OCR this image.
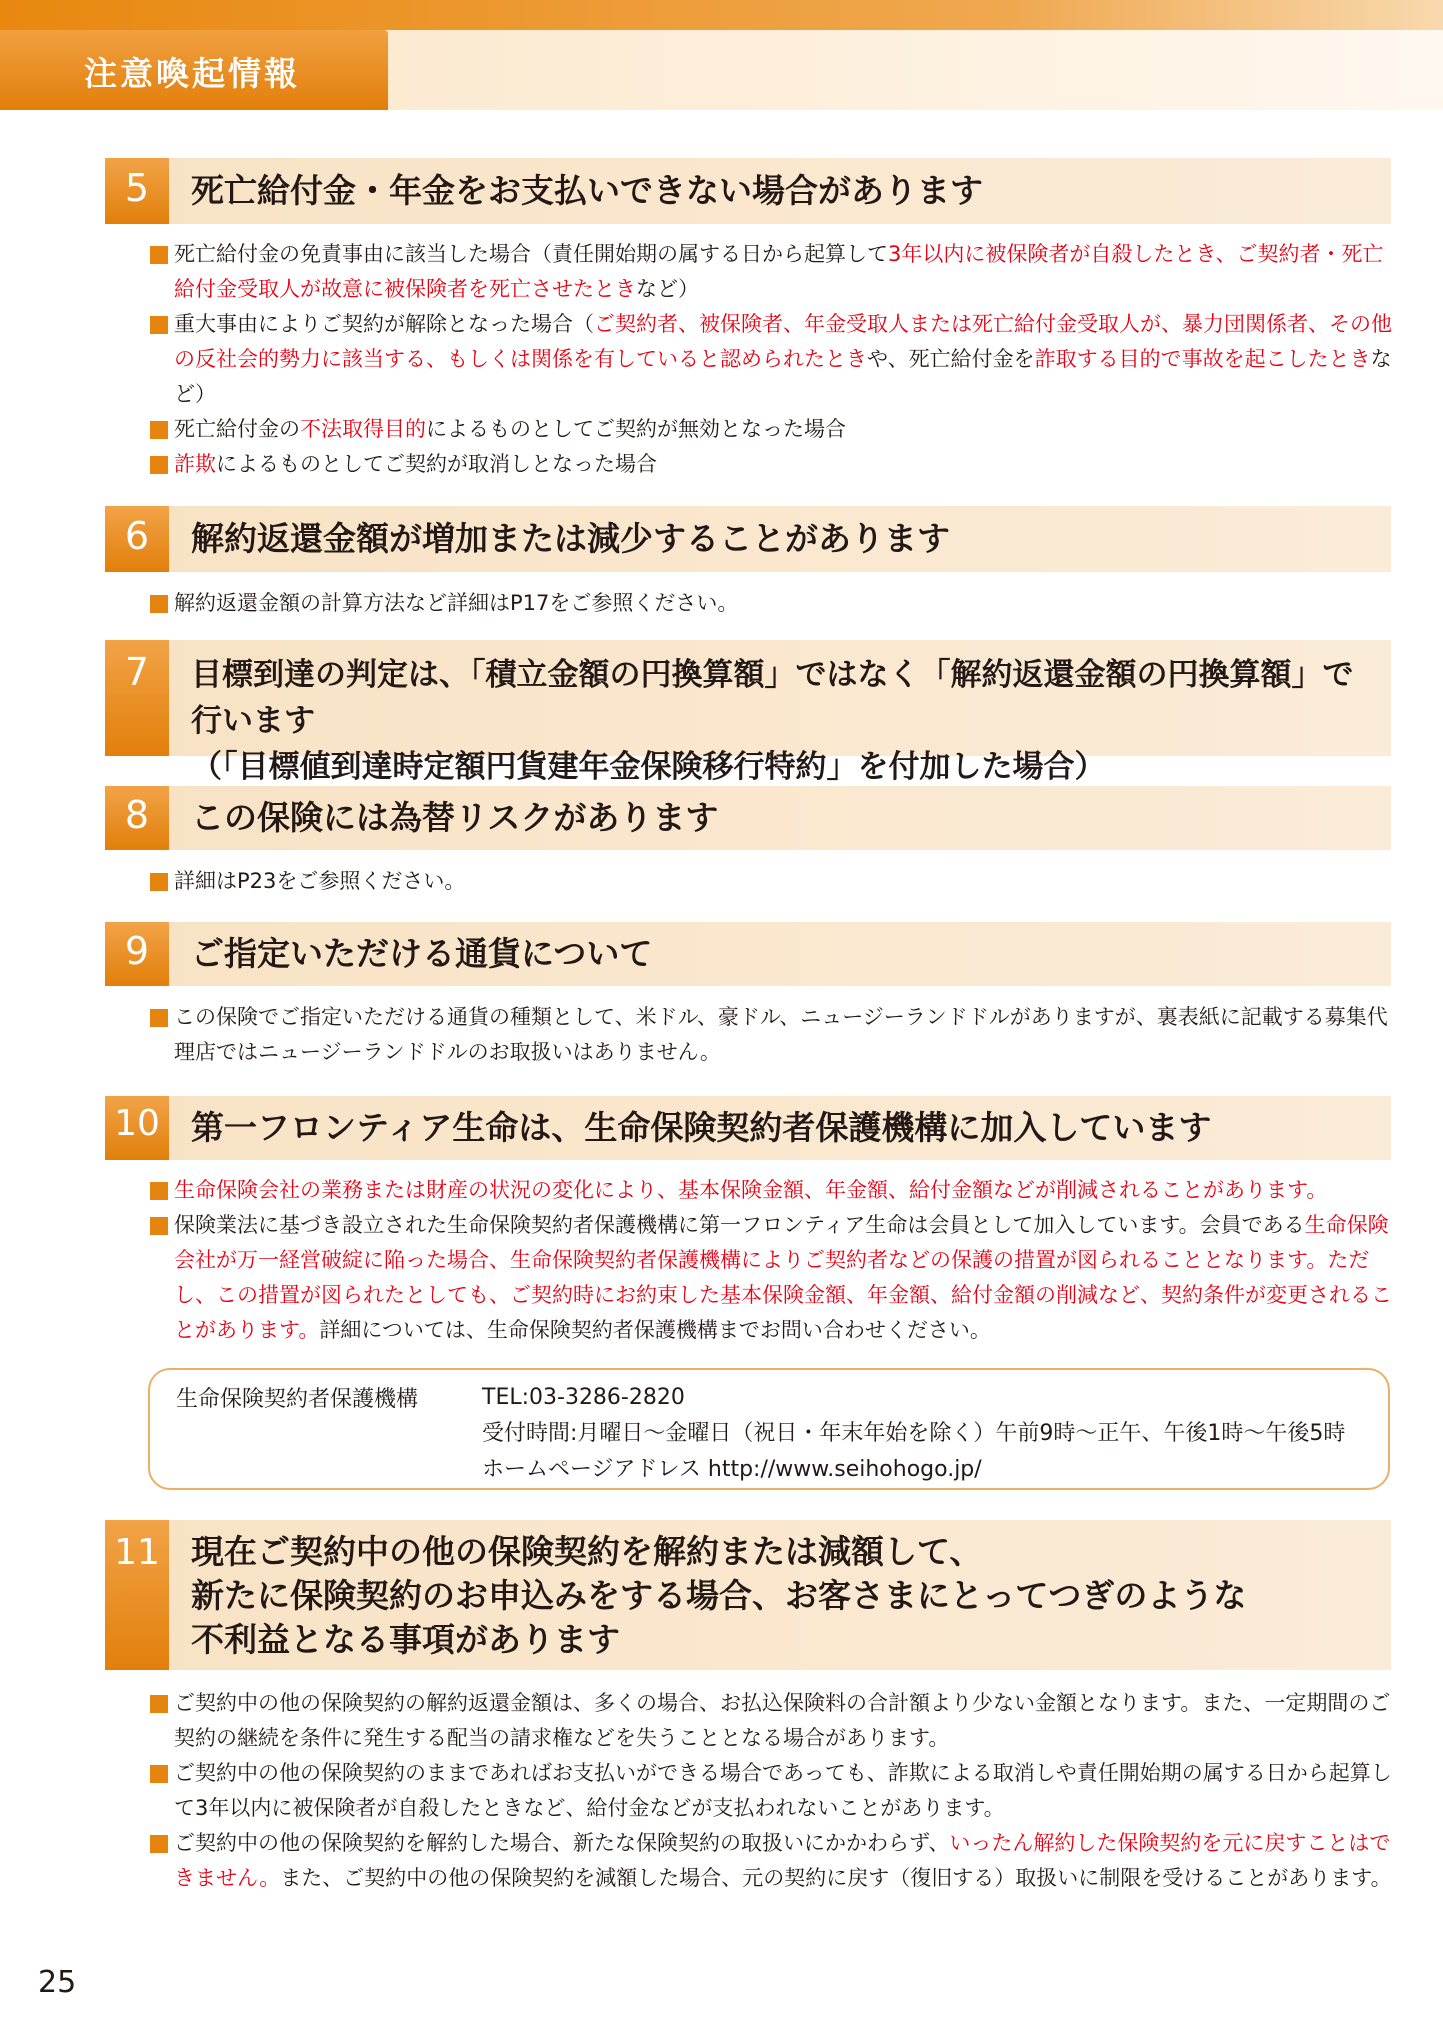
注意喚起情報
5	死亡給付金・年金をお支払いできない場合があります
死亡給付金の免責事由に該当した場合（責任開始期の属する日から起算して3年以内に被保険者が自殺したとき、ご契約者・死亡給付金受取人が故意に被保険者を死亡させたときなど）
重大事由によりご契約が解除となった場合（ご契約者、被保険者、年金受取人または死亡給付金受取人が、暴力団関係者、その他の反社会的勢力に該当する、もしくは関係を有していると認められたときや、死亡給付金を詐取する目的で事故を起こしたときなど）
死亡給付金の不法取得目的によるものとしてご契約が無効となった場合
詐欺によるものとしてご契約が取消しとなった場合
6	解約返還金額が増加または減少することがあります
解約返還金額の計算方法など詳細はP17をご参照ください。
7	目標到達の判定は、「積立金額の円換算額」ではなく「解約返還金額の円換算額」で行います
（「目標値到達時定額円貨建年金保険移行特約」を付加した場合）
8	この保険には為替リスクがあります
詳細はP23をご参照ください。
9	ご指定いただける通貨について
この保険でご指定いただける通貨の種類として、米ドル、豪ドル、ニュージーランドドルがありますが、裏表紙に記載する募集代理店ではニュージーランドドルのお取扱いはありません。
10 第一フロンティア生命は、生命保険契約者保護機構に加入しています
生命保険会社の業務または財産の状況の変化により、基本保険金額、年金額、給付金額などが削減されることがあります。
保険業法に基づき設立された生命保険契約者保護機構に第一フロンティア生命は会員として加入しています。会員である生命保険会社が万一経営破綻に陥った場合、生命保険契約者保護機構によりご契約者などの保護の措置が図られることとなります。ただし、この措置が図られたとしても、ご契約時にお約束した基本保険金額、年金額、給付金額の削減など、契約条件が変更されることがあります。詳細については、生命保険契約者保護機構までお問い合わせください。
生命保険契約者保護機構	TEL:03-3286-2820
受付時間:月曜日～金曜日（祝日・年末年始を除く）午前9時～正午、午後1時～午後5時
ホームページアドレス http://www.seihohogo.jp/
11 現在ご契約中の他の保険契約を解約または減額して、
新たに保険契約のお申込みをする場合、お客さまにとってつぎのような
不利益となる事項があります
ご契約中の他の保険契約の解約返還金額は、多くの場合、お払込保険料の合計額より少ない金額となります。また、一定期間のご契約の継続を条件に発生する配当の請求権などを失うこととなる場合があります。
ご契約中の他の保険契約のままであればお支払いができる場合であっても、詐欺による取消しや責任開始期の属する日から起算して3年以内に被保険者が自殺したときなど、給付金などが支払われないことがあります。
ご契約中の他の保険契約を解約した場合、新たな保険契約の取扱いにかかわらず、いったん解約した保険契約を元に戻すことはできません。また、ご契約中の他の保険契約を減額した場合、元の契約に戻す（復旧する）取扱いに制限を受けることがあります。
25
